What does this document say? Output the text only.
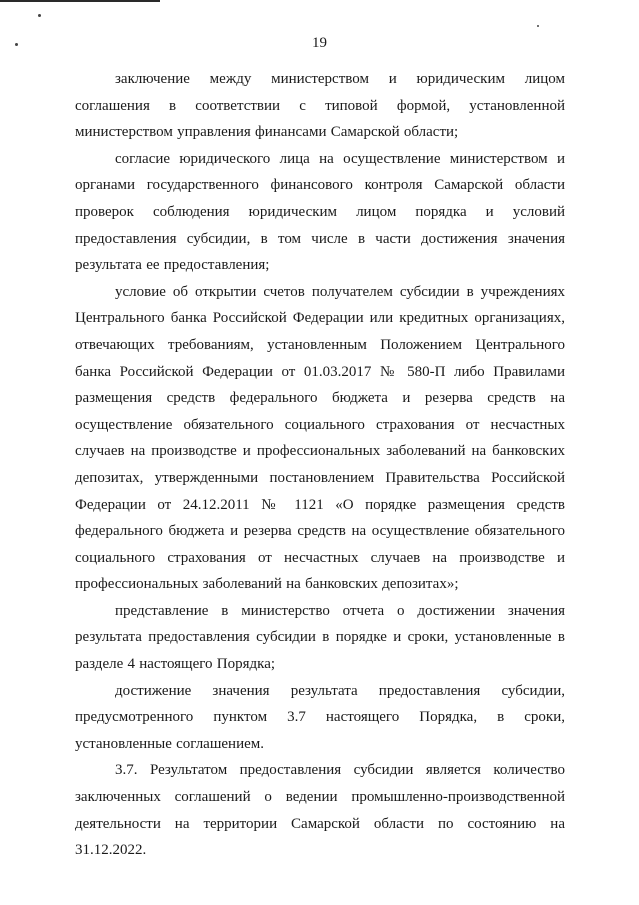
19

заключение между министерством и юридическим лицом соглашения в соответствии с типовой формой, установленной министерством управления финансами Самарской области;

согласие юридического лица на осуществление министерством и органами государственного финансового контроля Самарской области проверок соблюдения юридическим лицом порядка и условий предоставления субсидии, в том числе в части достижения значения результата ее предоставления;

условие об открытии счетов получателем субсидии в учреждениях Центрального банка Российской Федерации или кредитных организациях, отвечающих требованиям, установленным Положением Центрального банка Российской Федерации от 01.03.2017 № 580-П либо Правилами размещения средств федерального бюджета и резерва средств на осуществление обязательного социального страхования от несчастных случаев на производстве и профессиональных заболеваний на банковских депозитах, утвержденными постановлением Правительства Российской Федерации от 24.12.2011 № 1121 «О порядке размещения средств федерального бюджета и резерва средств на осуществление обязательного социального страхования от несчастных случаев на производстве и профессиональных заболеваний на банковских депозитах»;

представление в министерство отчета о достижении значения результата предоставления субсидии в порядке и сроки, установленные в разделе 4 настоящего Порядка;

достижение значения результата предоставления субсидии, предусмотренного пунктом 3.7 настоящего Порядка, в сроки, установленные соглашением.

3.7. Результатом предоставления субсидии является количество заключенных соглашений о ведении промышленно-производственной деятельности на территории Самарской области по состоянию на 31.12.2022.
